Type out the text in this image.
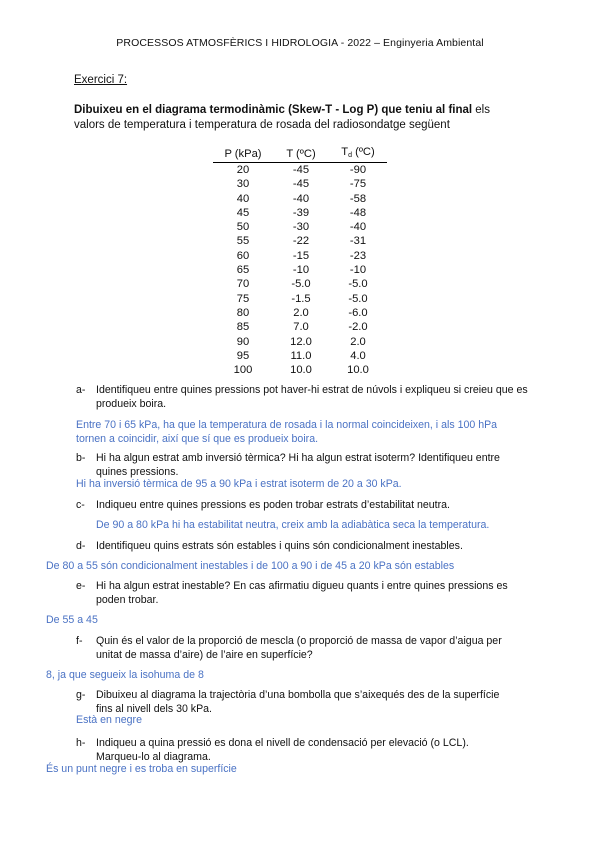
PROCESSOS ATMOSFÈRICS I HIDROLOGIA - 2022 – Enginyeria Ambiental
Exercici 7:
Dibuixeu en el diagrama termodinàmic (Skew-T - Log P) que teniu al final els
valors de temperatura i temperatura de rosada del radiosondatge següent
P (kPa)	T (ºC)	$T_d$ (ºC)
20	-45	-90
30	-45	-75
40	-40	-58
45	-39	-48
50	-30	-40
55	-22	-31
60	-15	-23
65	-10	-10
70	-5.0	-5.0
75	-1.5	-5.0
80	2.0	-6.0
85	7.0	-2.0
90	12.0	2.0
95	11.0	4.0
100	10.0	10.0
a- Identifiqueu entre quines pressions pot haver-hi estrat de núvols i expliqueu si creieu que es
produeix boira.
Entre 70 i 65 kPa, ha que la temperatura de rosada i la normal coincideixen, i als 100 hPa
tornen a coincidir, així que sí que es produeix boira.
b- Hi ha algun estrat amb inversió tèrmica? Hi ha algun estrat isoterm? Identifiqueu entre
quines pressions.
Hi ha inversió tèrmica de 95 a 90 kPa i estrat isoterm de 20 a 30 kPa.
c- Indiqueu entre quines pressions es poden trobar estrats d’estabilitat neutra.
De 90 a 80 kPa hi ha estabilitat neutra, creix amb la adiabàtica seca la temperatura.
d- Identifiqueu quins estrats són estables i quins són condicionalment inestables.
De 80 a 55 són condicionalment inestables i de 100 a 90 i de 45 a 20 kPa són estables
e- Hi ha algun estrat inestable? En cas afirmatiu digueu quants i entre quines pressions es
poden trobar.
De 55 a 45
f- Quin és el valor de la proporció de mescla (o proporció de massa de vapor d’aigua per
unitat de massa d’aire) de l’aire en superfície?
8, ja que segueix la isohuma de 8
g- Dibuixeu al diagrama la trajectòria d’una bombolla que s’aixequés des de la superfície
fins al nivell dels 30 kPa.
Està en negre
h- Indiqueu a quina pressió es dona el nivell de condensació per elevació (o LCL).
Marqueu-lo al diagrama.
És un punt negre i es troba en superfície
